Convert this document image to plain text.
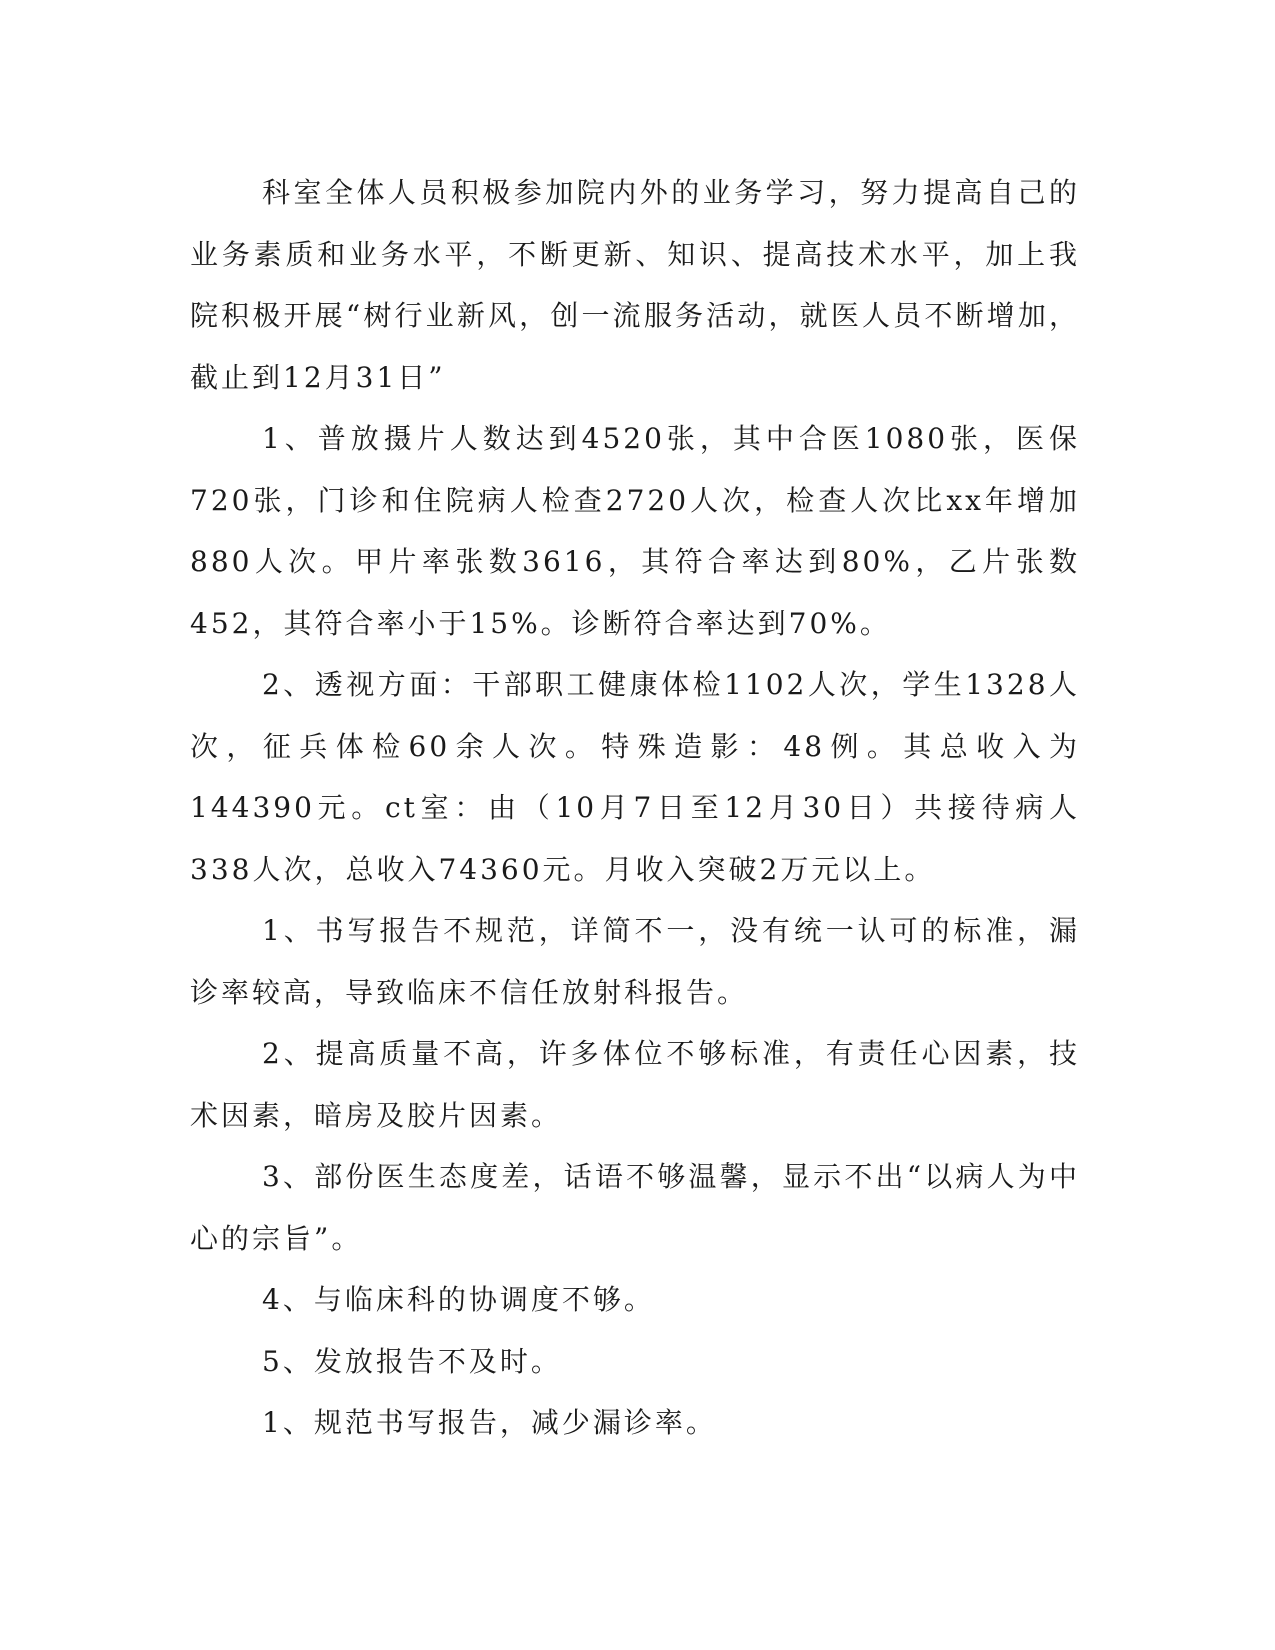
科室全体人员积极参加院内外的业务学习，努力提高自己的业务素质和业务水平，不断更新、知识、提高技术水平，加上我院积极开展“树行业新风，创一流服务活动，就医人员不断增加，截止到12月31日”

1、普放摄片人数达到4520张，其中合医1080张，医保720张，门诊和住院病人检查2720人次，检查人次比xx年增加880人次。甲片率张数3616，其符合率达到80%，乙片张数452，其符合率小于15%。诊断符合率达到70%。

2、透视方面：干部职工健康体检1102人次，学生1328人次，征兵体检60余人次。特殊造影：48例。其总收入为144390元。ct室：由（10月7日至12月30日）共接待病人338人次，总收入74360元。月收入突破2万元以上。

1、书写报告不规范，详简不一，没有统一认可的标准，漏诊率较高，导致临床不信任放射科报告。

2、提高质量不高，许多体位不够标准，有责任心因素，技术因素，暗房及胶片因素。

3、部份医生态度差，话语不够温馨，显示不出“以病人为中心的宗旨”。

4、与临床科的协调度不够。

5、发放报告不及时。

1、规范书写报告，减少漏诊率。
